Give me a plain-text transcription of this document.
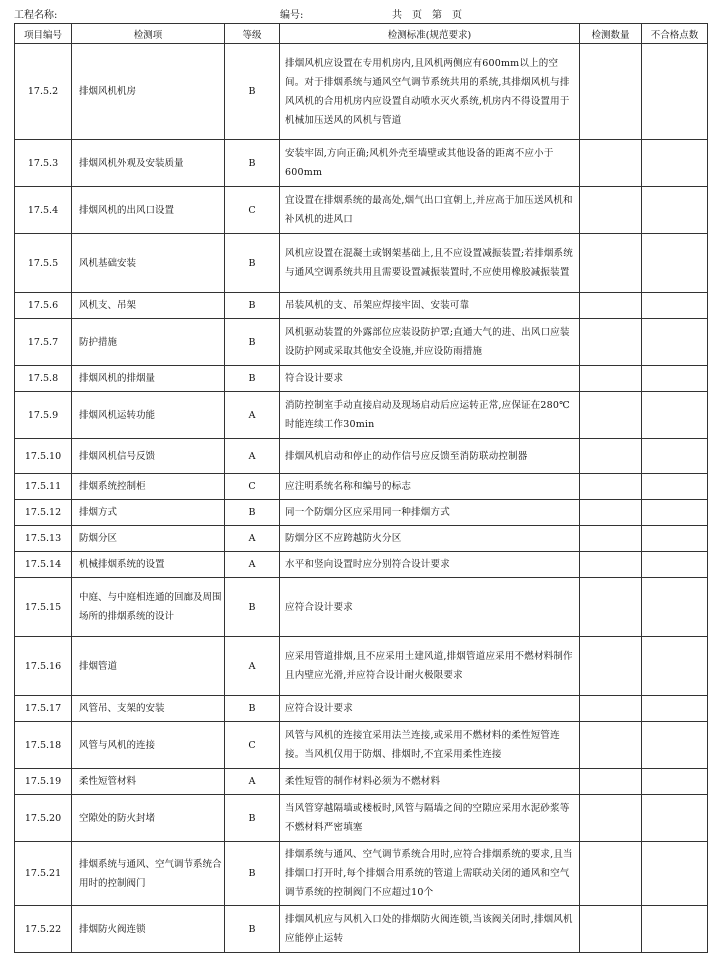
工程名称:	编号:	共　页　第　页
项目编号	检测项	等级	检测标准(规范要求)	检测数量	不合格点数
17.5.2	排烟风机机房	B	排烟风机应设置在专用机房内,且风机两侧应有600mm以上的空间。对于排烟系统与通风空气调节系统共用的系统,其排烟风机与排风风机的合用机房内应设置自动喷水灭火系统,机房内不得设置用于机械加压送风的风机与管道		
17.5.3	排烟风机外观及安装质量	B	安装牢固,方向正确;风机外壳至墙壁或其他设备的距离不应小于600mm		
17.5.4	排烟风机的出风口设置	C	宜设置在排烟系统的最高处,烟气出口宜朝上,并应高于加压送风机和补风机的进风口		
17.5.5	风机基础安装	B	风机应设置在混凝土或钢架基础上,且不应设置减振装置;若排烟系统与通风空调系统共用且需要设置减振装置时,不应使用橡胶减振装置		
17.5.6	风机支、吊架	B	吊装风机的支、吊架应焊接牢固、安装可靠		
17.5.7	防护措施	B	风机驱动装置的外露部位应装设防护罩;直通大气的进、出风口应装设防护网或采取其他安全设施,并应设防雨措施		
17.5.8	排烟风机的排烟量	B	符合设计要求		
17.5.9	排烟风机运转功能	A	消防控制室手动直接启动及现场启动后应运转正常,应保证在280℃时能连续工作30min		
17.5.10	排烟风机信号反馈	A	排烟风机启动和停止的动作信号应反馈至消防联动控制器		
17.5.11	排烟系统控制柜	C	应注明系统名称和编号的标志		
17.5.12	排烟方式	B	同一个防烟分区应采用同一种排烟方式		
17.5.13	防烟分区	A	防烟分区不应跨越防火分区		
17.5.14	机械排烟系统的设置	A	水平和竖向设置时应分别符合设计要求		
17.5.15	中庭、与中庭相连通的回廊及周围场所的排烟系统的设计	B	应符合设计要求		
17.5.16	排烟管道	A	应采用管道排烟,且不应采用土建风道,排烟管道应采用不燃材料制作且内壁应光滑,并应符合设计耐火极限要求		
17.5.17	风管吊、支架的安装	B	应符合设计要求		
17.5.18	风管与风机的连接	C	风管与风机的连接宜采用法兰连接,或采用不燃材料的柔性短管连接。当风机仅用于防烟、排烟时,不宜采用柔性连接		
17.5.19	柔性短管材料	A	柔性短管的制作材料必须为不燃材料		
17.5.20	空隙处的防火封堵	B	当风管穿越隔墙或楼板时,风管与隔墙之间的空隙应采用水泥砂浆等不燃材料严密填塞		
17.5.21	排烟系统与通风、空气调节系统合用时的控制阀门	B	排烟系统与通风、空气调节系统合用时,应符合排烟系统的要求,且当排烟口打开时,每个排烟合用系统的管道上需联动关闭的通风和空气调节系统的控制阀门不应超过10个		
17.5.22	排烟防火阀连锁	B	排烟风机应与风机入口处的排烟防火阀连锁,当该阀关闭时,排烟风机应能停止运转		
